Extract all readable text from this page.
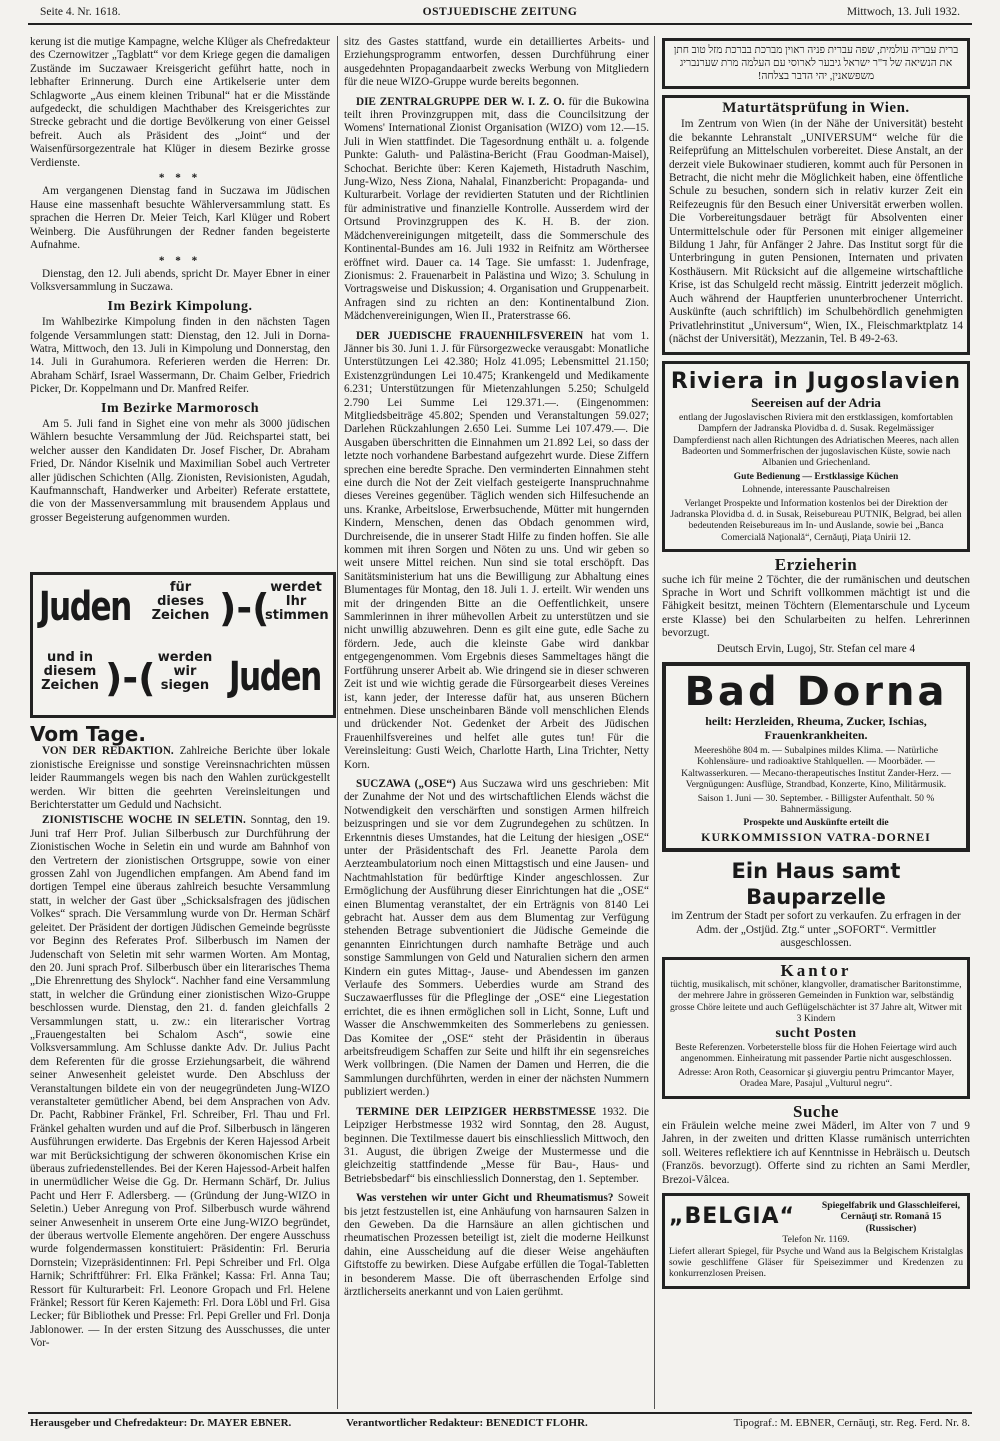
Seite 4. Nr. 1618.	OSTJUEDISCHE ZEITUNG	Mittwoch, 13. Juli 1932.

kerung ist die mutige Kampagne, welche Klüger als Chefredakteur des Czernowitzer „Tagblatt“ vor dem Kriege gegen die damaligen Zustände im Suczawaer Kreisgericht geführt hatte, noch in lebhafter Erinnerung. Durch eine Artikelserie unter dem Schlagworte „Aus einem kleinen Tribunal“ hat er die Misstände aufgedeckt, die schuldigen Machthaber des Kreisgerichtes zur Strecke gebracht und die dortige Bevölkerung von einer Geissel befreit. Auch als Präsident des „Joint“ und der Waisenfürsorgezentrale hat Klüger in diesem Bezirke grosse Verdienste.

* * *

Am vergangenen Dienstag fand in Suczawa im Jüdischen Hause eine massenhaft besuchte Wählerversammlung statt. Es sprachen die Herren Dr. Meier Teich, Karl Klüger und Robert Weinberg. Die Ausführungen der Redner fanden begeisterte Aufnahme.

* * *

Dienstag, den 12. Juli abends, spricht Dr. Mayer Ebner in einer Volksversammlung in Suczawa.

Im Bezirk Kimpolung.

Im Wahlbezirke Kimpolung finden in den nächsten Tagen folgende Versammlungen statt: Dienstag, den 12. Juli in Dorna-Watra, Mittwoch, den 13. Juli in Kimpolung und Donnerstag, den 14. Juli in Gurahumora. Referieren werden die Herren: Dr. Abraham Schärf, Israel Wassermann, Dr. Chaim Gelber, Friedrich Picker, Dr. Koppelmann und Dr. Manfred Reifer.

Im Bezirke Marmorosch

Am 5. Juli fand in Sighet eine von mehr als 3000 jüdischen Wählern besuchte Versammlung der Jüd. Reichspartei statt, bei welcher ausser den Kandidaten Dr. Josef Fischer, Dr. Abraham Fried, Dr. Nándor Kiselnik und Maximilian Sobel auch Vertreter aller jüdischen Schichten (Allg. Zionisten, Revisionisten, Agudah, Kaufmannschaft, Handwerker und Arbeiter) Referate erstattete, die von der Massenversammlung mit brausendem Applaus und grosser Begeisterung aufgenommen wurden.

Juden	für
dieses
Zeichen )-( werdet
Ihr
stimmen
und in
diesem
Zeichen )-( werden
wir
siegen Juden
Vom Tage.

VON DER REDAKTION. Zahlreiche Berichte über lokale zionistische Ereignisse und sonstige Vereinsnachrichten müssen leider Raummangels wegen bis nach den Wahlen zurückgestellt werden. Wir bitten die geehrten Vereinsleitungen und Berichterstatter um Geduld und Nachsicht.

ZIONISTISCHE WOCHE IN SELETIN. Sonntag, den 19. Juni traf Herr Prof. Julian Silberbusch zur Durchführung der Zionistischen Woche in Seletin ein und wurde am Bahnhof von den Vertretern der zionistischen Ortsgruppe, sowie von einer grossen Zahl von Jugendlichen empfangen. Am Abend fand im dortigen Tempel eine überaus zahlreich besuchte Versammlung statt, in welcher der Gast über „Schicksalsfragen des jüdischen Volkes“ sprach. Die Versammlung wurde von Dr. Herman Schärf geleitet. Der Präsident der dortigen Jüdischen Gemeinde begrüsste vor Beginn des Referates Prof. Silberbusch im Namen der Judenschaft von Seletin mit sehr warmen Worten. Am Montag, den 20. Juni sprach Prof. Silberbusch über ein literarisches Thema „Die Ehrenrettung des Shylock“. Nachher fand eine Versammlung statt, in welcher die Gründung einer zionistischen Wizo-Gruppe beschlossen wurde. Dienstag, den 21. d. fanden gleichfalls 2 Versammlungen statt, u. zw.: ein literarischer Vortrag „Frauengestalten bei Schalom Asch“, sowie eine Volksversammlung. Am Schlusse dankte Adv. Dr. Julius Pacht dem Referenten für die grosse Erziehungsarbeit, die während seiner Anwesenheit geleistet wurde. Den Abschluss der Veranstaltungen bildete ein von der neugegründeten Jung-WIZO veranstalteter gemütlicher Abend, bei dem Ansprachen von Adv. Dr. Pacht, Rabbiner Fränkel, Frl. Schreiber, Frl. Thau und Frl. Fränkel gehalten wurden und auf die Prof. Silberbusch in längeren Ausführungen erwiderte. Das Ergebnis der Keren Hajessod Arbeit war mit Berücksichtigung der schweren ökonomischen Krise ein überaus zufriedenstellendes. Bei der Keren Hajessod-Arbeit halfen in unermüdlicher Weise die Gg. Dr. Hermann Schärf, Dr. Julius Pacht und Herr F. Adlersberg. — (Gründung der Jung-WIZO in Seletin.) Ueber Anregung von Prof. Silberbusch wurde während seiner Anwesenheit in unserem Orte eine Jung-WIZO begründet, der überaus wertvolle Elemente angehören. Der engere Ausschuss wurde folgendermassen konstituiert: Präsidentin: Frl. Beruria Dornstein; Vizepräsidentinnen: Frl. Pepi Schreiber und Frl. Olga Harnik; Schriftführer: Frl. Elka Fränkel; Kassa: Frl. Anna Tau; Ressort für Kulturarbeit: Frl. Leonore Gropach und Frl. Helene Fränkel; Ressort für Keren Kajemeth: Frl. Dora Löbl und Frl. Gisa Lecker; für Bibliothek und Presse: Frl. Pepi Greller und Frl. Donja Jablonower. — In der ersten Sitzung des Ausschusses, die unter Vor-

sitz des Gastes stattfand, wurde ein detailliertes Arbeits- und Erziehungsprogramm entworfen, dessen Durchführung einer ausgedehnten Propagandaarbeit zwecks Werbung von Mitgliedern für die neue WIZO-Gruppe wurde bereits begonnen.

DIE ZENTRALGRUPPE DER W. I. Z. O. für die Bukowina teilt ihren Provinzgruppen mit, dass die Councilsitzung der Womens' International Zionist Organisation (WIZO) vom 12.—15. Juli in Wien stattfindet. Die Tagesordnung enthält u. a. folgende Punkte: Galuth- und Palästina-Bericht (Frau Goodman-Maisel), Schochat. Berichte über: Keren Kajemeth, Histadruth Naschim, Jung-Wizo, Ness Ziona, Nahalal, Finanzbericht: Propaganda- und Kulturarbeit. Vorlage der revidierten Statuten und der Richtlinien für administrative und finanzielle Kontrolle. Ausserdem wird der Ortsund Provinzgruppen des K. H. B. der zion. Mädchenvereinigungen mitgeteilt, dass die Sommerschule des Kontinental-Bundes am 16. Juli 1932 in Reifnitz am Wörthersee eröffnet wird. Dauer ca. 14 Tage. Sie umfasst: 1. Judenfrage, Zionismus: 2. Frauenarbeit in Palästina und Wizo; 3. Schulung in Vortragsweise und Diskussion; 4. Organisation und Gruppenarbeit. Anfragen sind zu richten an den: Kontinentalbund Zion. Mädchenvereinigungen, Wien II., Praterstrasse 66.

DER JUEDISCHE FRAUENHILFSVEREIN hat vom 1. Jänner bis 30. Juni 1. J. für Fürsorgezwecke verausgabt: Monatliche Unterstützungen Lei 42.380; Holz 41.095; Lebensmittel 21.150; Existenzgründungen Lei 10.475; Krankengeld und Medikamente 6.231; Unterstützungen für Mietenzahlungen 5.250; Schulgeld 2.790 Lei Summe Lei 129.371.—. (Eingenommen: Mitgliedsbeiträge 45.802; Spenden und Veranstaltungen 59.027; Darlehen Rückzahlungen 2.650 Lei. Summe Lei 107.479.—. Die Ausgaben überschritten die Einnahmen um 21.892 Lei, so dass der letzte noch vorhandene Barbestand aufgezehrt wurde. Diese Ziffern sprechen eine beredte Sprache. Den verminderten Einnahmen steht eine durch die Not der Zeit vielfach gesteigerte Inanspruchnahme dieses Vereines gegenüber. Täglich wenden sich Hilfesuchende an uns. Kranke, Arbeitslose, Erwerbsuchende, Mütter mit hungernden Kindern, Menschen, denen das Obdach genommen wird, Durchreisende, die in unserer Stadt Hilfe zu finden hoffen. Sie alle kommen mit ihren Sorgen und Nöten zu uns. Und wir geben so weit unsere Mittel reichen. Nun sind sie total erschöpft. Das Sanitätsministerium hat uns die Bewilligung zur Abhaltung eines Blumentages für Montag, den 18. Juli 1. J. erteilt. Wir wenden uns mit der dringenden Bitte an die Oeffentlichkeit, unsere Sammlerinnen in ihrer mühevollen Arbeit zu unterstützen und sie nicht unwillig abzuwehren. Denn es gilt eine gute, edle Sache zu fördern. Jede, auch die kleinste Gabe wird dankbar entgegengenommen. Vom Ergebnis dieses Sammeltages hängt die Fortführung unserer Arbeit ab. Wie dringend sie in dieser schweren Zeit ist und wie wichtig gerade die Fürsorgearbeit dieses Vereines ist, kann jeder, der Interesse dafür hat, aus unseren Büchern entnehmen. Diese unscheinbaren Bände voll menschlichen Elends und drückender Not. Gedenket der Arbeit des Jüdischen Frauenhilfsvereines und helfet alle gutes tun! Für die Vereinsleitung: Gusti Weich, Charlotte Harth, Lina Trichter, Netty Korn.

SUCZAWA („OSE“) Aus Suczawa wird uns geschrieben: Mit der Zunahme der Not und des wirtschaftlichen Elends wächst die Notwendigkeit den verschärften und sonstigen Armen hilfreich beizuspringen und sie vor dem Zugrundegehen zu schützen. In Erkenntnis dieses Umstandes, hat die Leitung der hiesigen „OSE“ unter der Präsidentschaft des Frl. Jeanette Parola dem Aerzteambulatorium noch einen Mittagstisch und eine Jausen- und Nachtmahlstation für bedürftige Kinder angeschlossen. Zur Ermöglichung der Ausführung dieser Einrichtungen hat die „OSE“ einen Blumentag veranstaltet, der ein Erträgnis von 8140 Lei gebracht hat. Ausser dem aus dem Blumentag zur Verfügung stehenden Betrage subventioniert die Jüdische Gemeinde die genannten Einrichtungen durch namhafte Beträge und auch sonstige Sammlungen von Geld und Naturalien sichern den armen Kindern ein gutes Mittag-, Jause- und Abendessen im ganzen Verlaufe des Sommers. Ueberdies wurde am Strand des Suczawaerflusses für die Pfleglinge der „OSE“ eine Liegestation errichtet, die es ihnen ermöglichen soll in Licht, Sonne, Luft und Wasser die Anschwemmkeiten des Sommerlebens zu geniessen. Das Komitee der „OSE“ steht der Präsidentin in überaus arbeitsfreudigem Schaffen zur Seite und hilft ihr ein segensreiches Werk vollbringen. (Die Namen der Damen und Herren, die die Sammlungen durchführten, werden in einer der nächsten Nummern publiziert werden.)

TERMINE DER LEIPZIGER HERBSTMESSE 1932. Die Leipziger Herbstmesse 1932 wird Sonntag, den 28. August, beginnen. Die Textilmesse dauert bis einschliesslich Mittwoch, den 31. August, die übrigen Zweige der Mustermesse und die gleichzeitig stattfindende „Messe für Bau-, Haus- und Betriebsbedarf“ bis einschliesslich Donnerstag, den 1. September.

Was verstehen wir unter Gicht und Rheumatismus? Soweit bis jetzt festzustellen ist, eine Anhäufung von harnsauren Salzen in den Geweben. Da die Harnsäure an allen gichtischen und rheumatischen Prozessen beteiligt ist, zielt die moderne Heilkunst dahin, eine Ausscheidung auf die dieser Weise angehäuften Giftstoffe zu bewirken. Diese Aufgabe erfüllen die Togal-Tabletten in besonderem Masse. Die oft überraschenden Erfolge sind ärztlicherseits anerkannt und von Laien gerühmt.

ברית עבריה עולמית, שפה עברית פניה ראוין מברכת בברכת מזל טוב חתן את הנשיאה של ד"ר ישראל גיבער לארוסי עם העלמה מרת שערנבריג משפשאנין, יהי הדבר בצלחה!
Maturtätsprüfung in Wien.

Im Zentrum von Wien (in der Nähe der Universität) besteht die bekannte Lehranstalt „UNIVERSUM“ welche für die Reifeprüfung an Mittelschulen vorbereitet. Diese Anstalt, an der derzeit viele Bukowinaer studieren, kommt auch für Personen in Betracht, die nicht mehr die Möglichkeit haben, eine öffentliche Schule zu besuchen, sondern sich in relativ kurzer Zeit ein Reifezeugnis für den Besuch einer Universität erwerben wollen. Die Vorbereitungsdauer beträgt für Absolventen einer Untermittelschule oder für Personen mit einiger allgemeiner Bildung 1 Jahr, für Anfänger 2 Jahre. Das Institut sorgt für die Unterbringung in guten Pensionen, Internaten und privaten Kosthäusern. Mit Rücksicht auf die allgemeine wirtschaftliche Krise, ist das Schulgeld recht mässig. Eintritt jederzeit möglich. Auch während der Hauptferien ununterbrochener Unterricht. Auskünfte (auch schriftlich) im Schulbehördlich genehmigten Privatlehrinstitut „Universum“, Wien, IX., Fleischmarktplatz 14 (nächst der Universität), Mezzanin, Tel. B 49-2-63.

Riviera in Jugoslavien
Seereisen auf der Adria

entlang der Jugoslavischen Riviera mit den erstklassigen, komfortablen Dampfern der Jadranska Plovidba d. d. Susak. Regelmässiger Dampferdienst nach allen Richtungen des Adriatischen Meeres, nach allen Badeorten und Sommerfrischen der jugoslavischen Küste, sowie nach Albanien und Griechenland.

Gute Bedienung — Erstklassige Küchen

Lohnende, interessante Pauschalreisen

Verlanget Prospekte und Information kostenlos bei der Direktion der Jadranska Plovidba d. d. in Susak, Reisebureau PUTNIK, Belgrad, bei allen bedeutenden Reisebureaus im In- und Auslande, sowie bei „Banca Comercială Naţională“, Cernăuţi, Piaţa Unirii 12.

Erzieherin

suche ich für meine 2 Töchter, die der rumänischen und deutschen Sprache in Wort und Schrift vollkommen mächtigt ist und die Fähigkeit besitzt, meinen Töchtern (Elementarschule und Lyceum erste Klasse) bei den Schularbeiten zu helfen. Lehrerinnen bevorzugt.

Deutsch Ervin, Lugoj, Str. Stefan cel mare 4

Bad Dorna
heilt: Herzleiden, Rheuma, Zucker, Ischias, Frauenkrankheiten.

Meereshöhe 804 m. — Subalpines mildes Klima. — Natürliche Kohlensäure- und radioaktive Stahlquellen. — Moorbäder. — Kaltwasserkuren. — Mecano-therapeutisches Institut Zander-Herz. — Vergnügungen: Ausflüge, Strandbad, Konzerte, Kino, Militärmusik.

Saison 1. Juni — 30. September. - Billigster Aufenthalt. 50 % Bahnermässigung.

Prospekte und Auskünfte erteilt die

KURKOMMISSION VATRA-DORNEI
Ein Haus samt Bauparzelle

im Zentrum der Stadt per sofort zu verkaufen. Zu erfragen in der Adm. der „Ostjüd. Ztg.“ unter „SOFORT“. Vermittler ausgeschlossen.

Kantor

tüchtig, musikalisch, mit schöner, klangvoller, dramatischer Baritonstimme, der mehrere Jahre in grösseren Gemeinden in Funktion war, selbständig grosse Chöre leitete und auch Geflügelschächter ist 37 Jahre alt, Witwer mit 3 Kindern

sucht Posten

Beste Referenzen. Vorbeterstelle bloss für die Hohen Feiertage wird auch angenommen. Einheiratung mit passender Partie nicht ausgeschlossen.

Adresse: Aron Roth, Ceasornicar şi giuvergiu pentru Primcantor Mayer, Oradea Mare, Pasajul „Vulturul negru“.

Suche

ein Fräulein welche meine zwei Mäderl, im Alter von 7 und 9 Jahren, in der zweiten und dritten Klasse rumänisch unterrichten soll. Weiteres reflektiere ich auf Kenntnisse in Hebräisch u. Deutsch (Französ. bevorzugt). Offerte sind zu richten an Sami Merdler, Brezoi-Vâlcea.

„BELGIA“	Spiegelfabrik und Glasschleiferei, Cernăuţi str. Romană 15 (Russischer)
Telefon Nr. 1169.

Liefert allerart Spiegel, für Psyche und Wand aus la Belgischem Kristalglas sowie geschliffene Gläser für Speisezimmer und Kredenzen zu konkurrenzlosen Preisen.

Herausgeber und Chefredakteur: Dr. MAYER EBNER.	Verantwortlicher Redakteur: BENEDICT FLOHR.	Tipograf.: M. EBNER, Cernăuţi, str. Reg. Ferd. Nr. 8.
